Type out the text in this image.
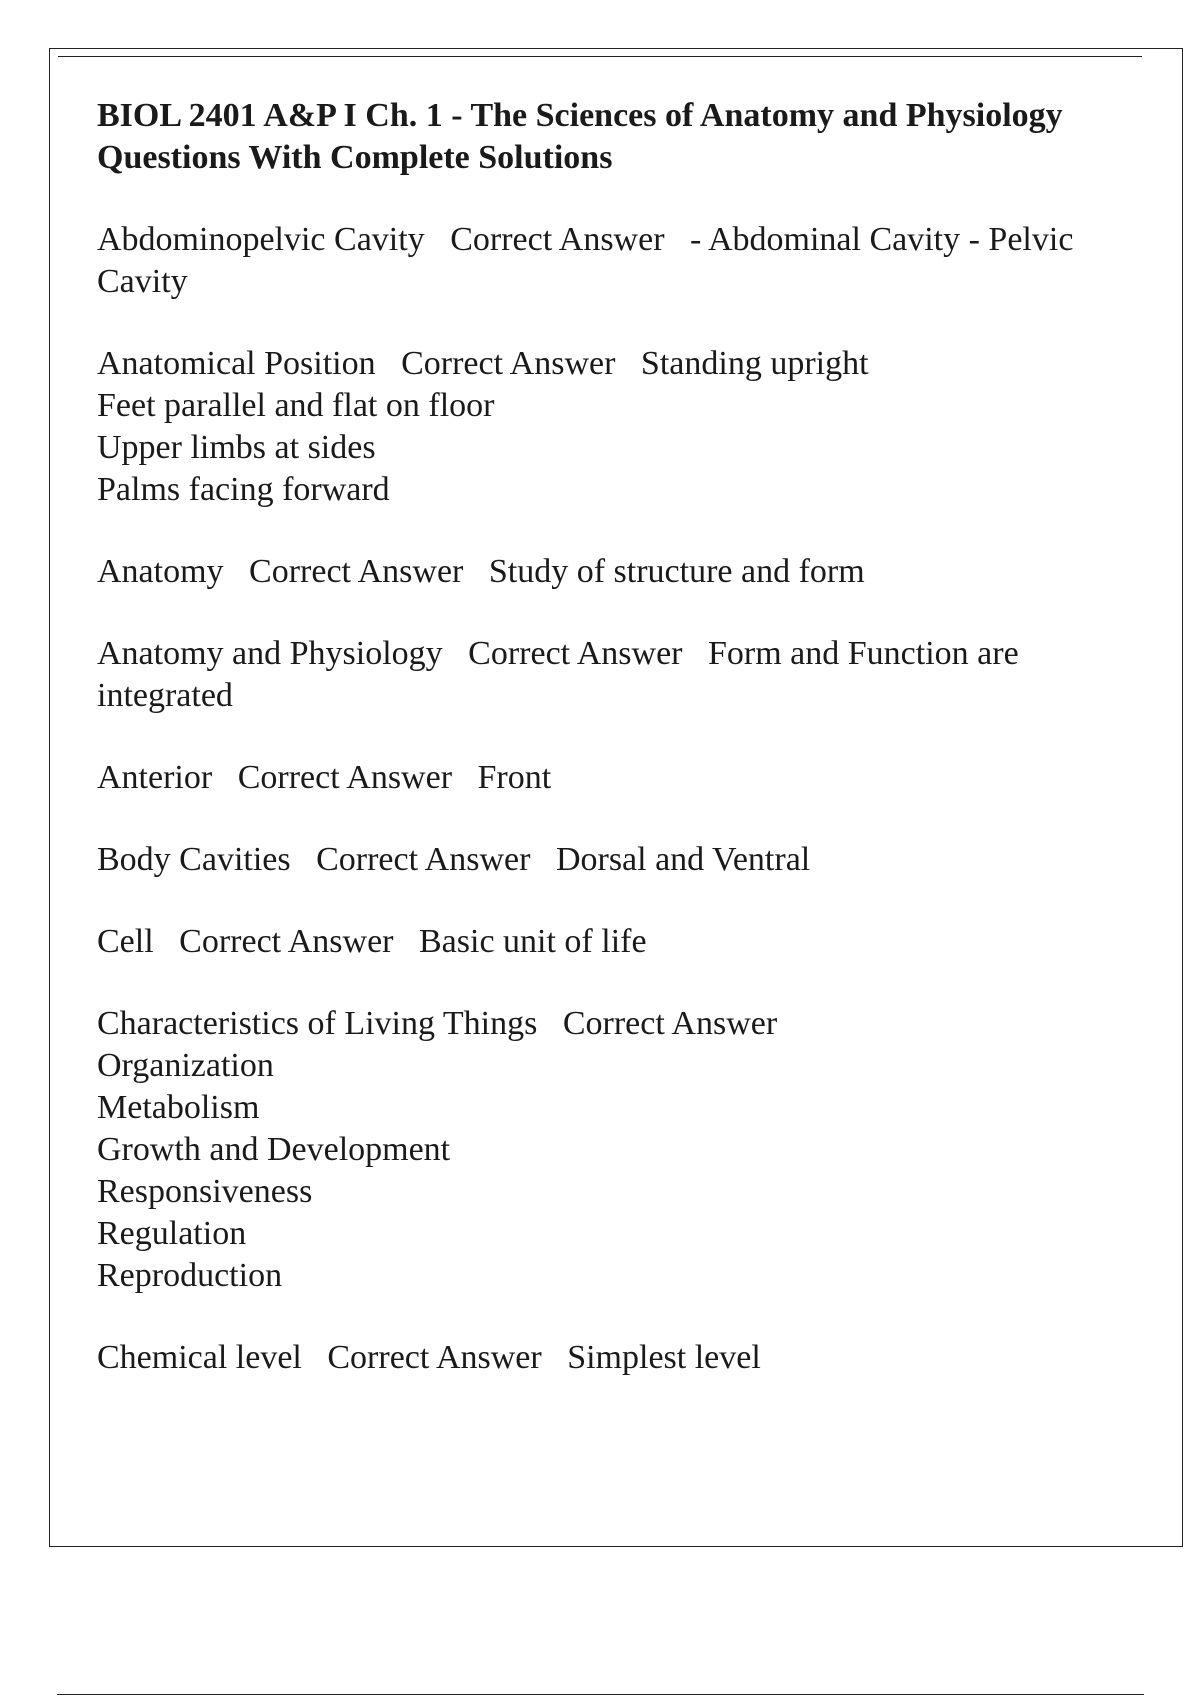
BIOL 2401 A&P I Ch. 1 - The Sciences of Anatomy and Physiology Questions With Complete Solutions
Abdominopelvic Cavity Correct Answer - Abdominal Cavity - Pelvic Cavity
Anatomical Position Correct Answer Standing upright
Feet parallel and flat on floor
Upper limbs at sides
Palms facing forward
Anatomy Correct Answer Study of structure and form
Anatomy and Physiology Correct Answer Form and Function are integrated
Anterior Correct Answer Front
Body Cavities Correct Answer Dorsal and Ventral
Cell Correct Answer Basic unit of life
Characteristics of Living Things Correct Answer
Organization
Metabolism
Growth and Development
Responsiveness
Regulation
Reproduction
Chemical level Correct Answer Simplest level
